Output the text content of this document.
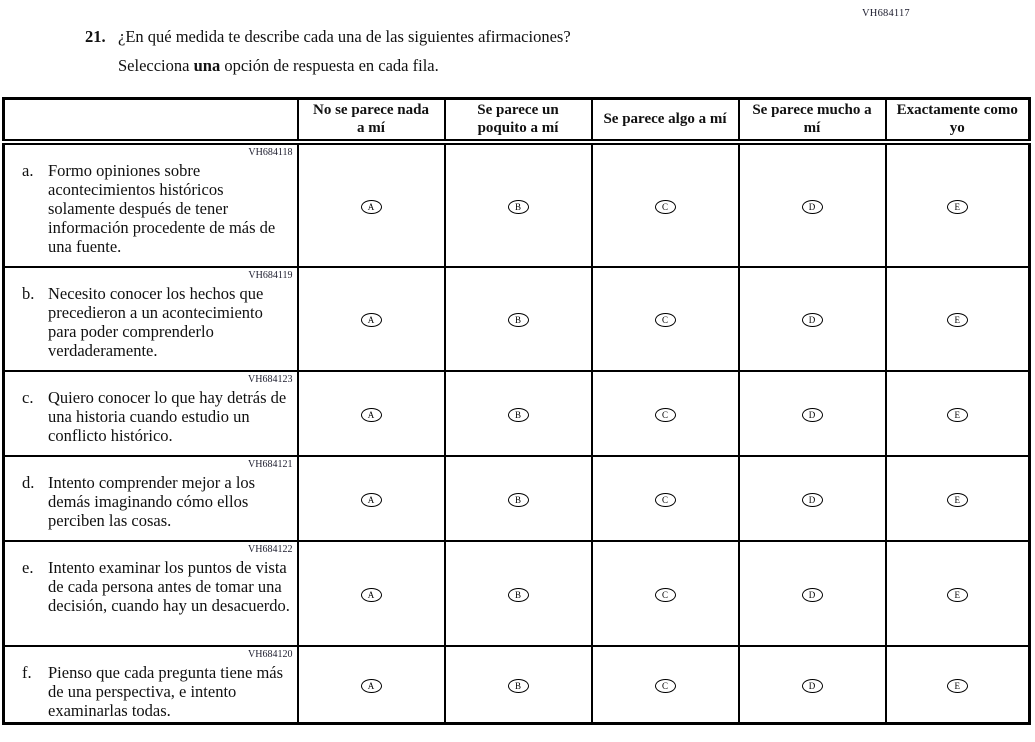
VH684117
21. ¿En qué medida te describe cada una de las siguientes afirmaciones?
Selecciona una opción de respuesta en cada fila.
	No se parece nada a mí	Se parece un poquito a mí	Se parece algo a mí	Se parece mucho a mí	Exactamente como yo

VH684118
a. Formo opiniones sobre acontecimientos históricos solamente después de tener información procedente de más de una fuente.	A	B	C	D	E

VH684119
b. Necesito conocer los hechos que precedieron a un acontecimiento para poder comprenderlo verdaderamente.	A	B	C	D	E

VH684123
c. Quiero conocer lo que hay detrás de una historia cuando estudio un conflicto histórico.	A	B	C	D	E

VH684121
d. Intento comprender mejor a los demás imaginando cómo ellos perciben las cosas.	A	B	C	D	E

VH684122
e. Intento examinar los puntos de vista de cada persona antes de tomar una decisión, cuando hay un desacuerdo.	A	B	C	D	E

VH684120
f. Pienso que cada pregunta tiene más de una perspectiva, e intento examinarlas todas.	A	B	C	D	E
